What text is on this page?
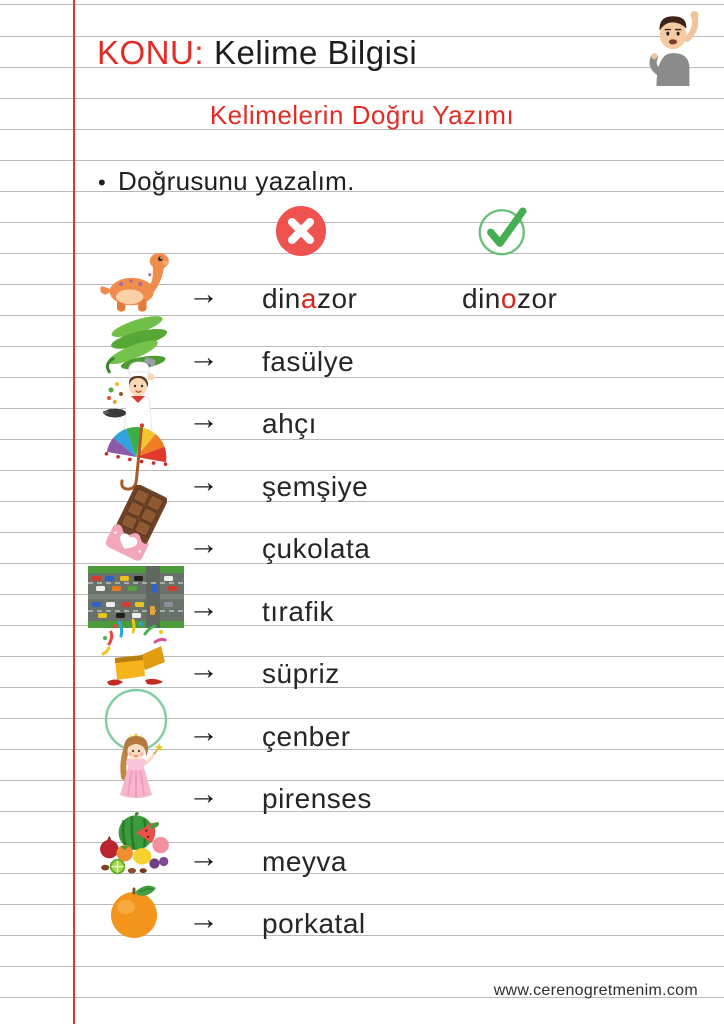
KONU: Kelime Bilgisi
Kelimelerin Doğru Yazımı
• Doğrusunu yazalım.
→	dinazor	dinozor
→	fasülye
→	ahçı
→	şemşiye
→	çukolata
→	tırafik
→	süpriz
→	çenber
→	pirenses
→	meyva
→	porkatal
www.cerenogretmenim.com
